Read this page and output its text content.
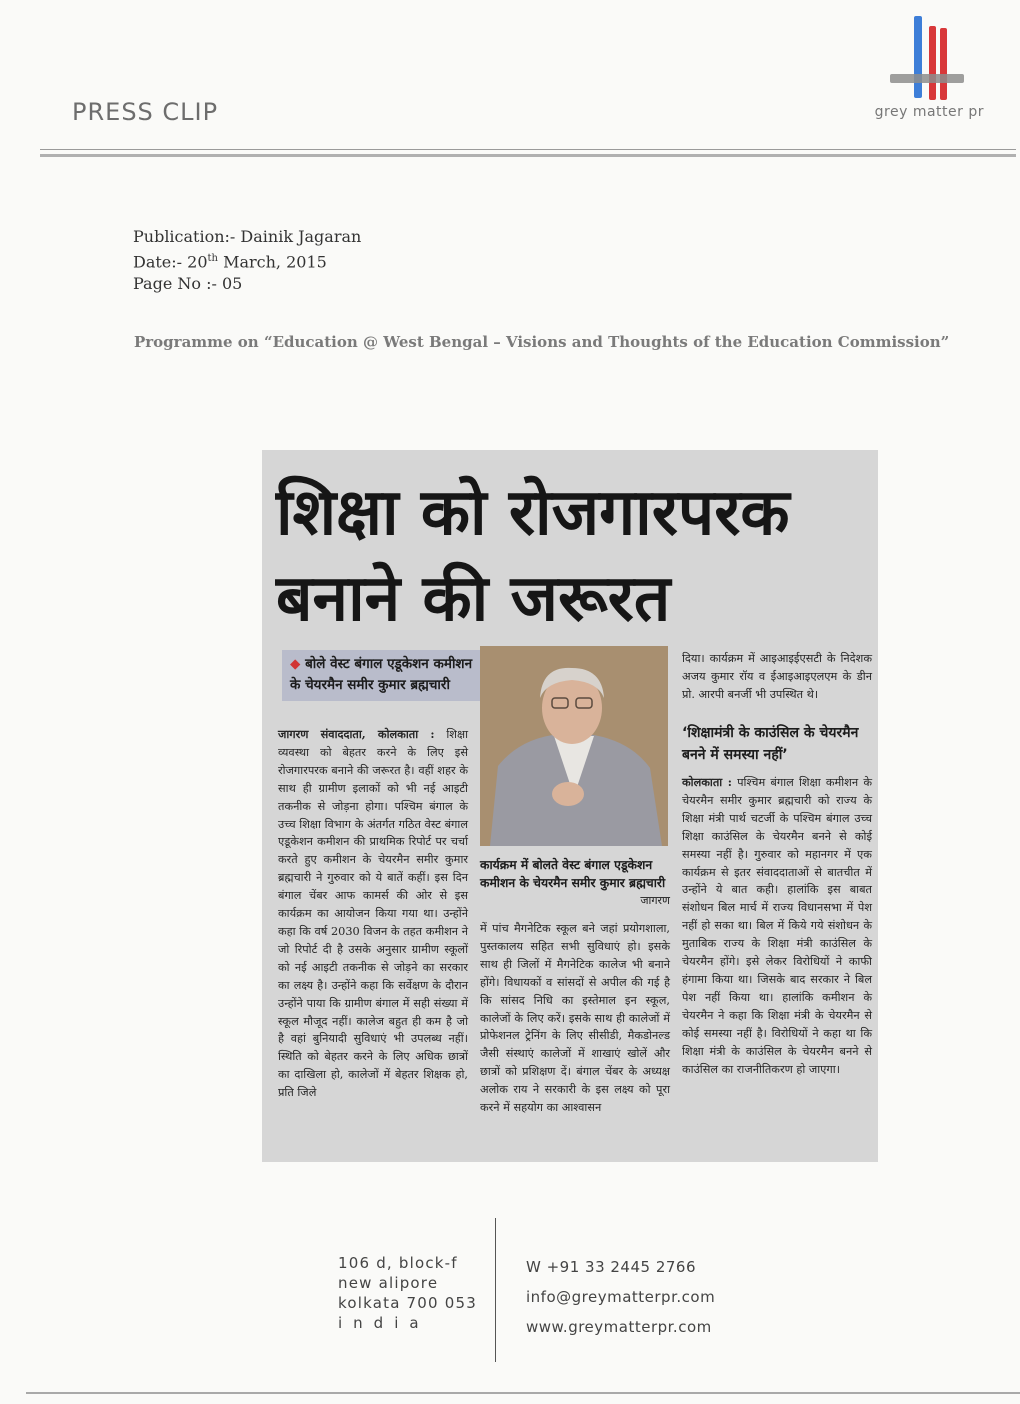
PRESS CLIP	grey matter pr
Publication:- Dainik Jagaran
Date:- 20th March, 2015
Page No :- 05
Programme on “Education @ West Bengal – Visions and Thoughts of the Education Commission”
शिक्षा को रोजगारपरक
बनाने की जरूरत
◆ बोले वेस्ट बंगाल एडूकेशन कमीशन के चेयरमैन समीर कुमार ब्रह्मचारी
जागरण संवाददाता, कोलकाता : शिक्षा व्यवस्था को बेहतर करने के लिए इसे रोजगारपरक बनाने की जरूरत है। वहीं शहर के साथ ही ग्रामीण इलाकों को भी नई आइटी तकनीक से जोड़ना होगा। पश्चिम बंगाल के उच्च शिक्षा विभाग के अंतर्गत गठित वेस्ट बंगाल एडूकेशन कमीशन की प्राथमिक रिपोर्ट पर चर्चा करते हुए कमीशन के चेयरमैन समीर कुमार ब्रह्मचारी ने गुरुवार को ये बातें कहीं। इस दिन बंगाल चेंबर आफ कामर्स की ओर से इस कार्यक्रम का आयोजन किया गया था। उन्होंने कहा कि वर्ष 2030 विजन के तहत कमीशन ने जो रिपोर्ट दी है उसके अनुसार ग्रामीण स्कूलों को नई आइटी तकनीक से जोड़ने का सरकार का लक्ष्य है। उन्होंने कहा कि सर्वेक्षण के दौरान उन्होंने पाया कि ग्रामीण बंगाल में सही संख्या में स्कूल मौजूद नहीं। कालेज बहुत ही कम है जो है वहां बुनियादी सुविधाएं भी उपलब्ध नहीं। स्थिति को बेहतर करने के लिए अधिक छात्रों का दाखिला हो, कालेजों में बेहतर शिक्षक हो, प्रति जिले
कार्यक्रम में बोलते वेस्ट बंगाल एडूकेशन कमीशन के चेयरमैन समीर कुमार ब्रह्मचारी
जागरण
में पांच मैगनेटिक स्कूल बने जहां प्रयोगशाला, पुस्तकालय सहित सभी सुविधाएं हो। इसके साथ ही जिलों में मैगनेटिक कालेज भी बनाने होंगे। विधायकों व सांसदों से अपील की गई है कि सांसद निधि का इस्तेमाल इन स्कूल, कालेजों के लिए करें। इसके साथ ही कालेजों में प्रोफेशनल ट्रेनिंग के लिए सीसीडी, मैकडोनल्ड जैसी संस्थाएं कालेजों में शाखाएं खोलें और छात्रों को प्रशिक्षण दें। बंगाल चेंबर के अध्यक्ष अलोक राय ने सरकारी के इस लक्ष्य को पूरा करने में सहयोग का आश्वासन
दिया। कार्यक्रम में आइआइईएसटी के निदेशक अजय कुमार रॉय व ईआइआइएलएम के डीन प्रो. आरपी बनर्जी भी उपस्थित थे।
‘शिक्षामंत्री के काउंसिल के चेयरमैन बनने में समस्या नहीं’
कोलकाता : पश्चिम बंगाल शिक्षा कमीशन के चेयरमैन समीर कुमार ब्रह्मचारी को राज्य के शिक्षा मंत्री पार्थ चटर्जी के पश्चिम बंगाल उच्च शिक्षा काउंसिल के चेयरमैन बनने से कोई समस्या नहीं है। गुरुवार को महानगर में एक कार्यक्रम से इतर संवाददाताओं से बातचीत में उन्होंने ये बात कही। हालांकि इस बाबत संशोधन बिल मार्च में राज्य विधानसभा में पेश नहीं हो सका था। बिल में किये गये संशोधन के मुताबिक राज्य के शिक्षा मंत्री काउंसिल के चेयरमैन होंगे। इसे लेकर विरोधियों ने काफी हंगामा किया था। जिसके बाद सरकार ने बिल पेश नहीं किया था। हालांकि कमीशन के चेयरमैन ने कहा कि शिक्षा मंत्री के चेयरमैन से कोई समस्या नहीं है। विरोधियों ने कहा था कि शिक्षा मंत्री के काउंसिल के चेयरमैन बनने से काउंसिल का राजनीतिकरण हो जाएगा।
106 d, block-f
new alipore
kolkata 700 053
india
W +91 33 2445 2766
info@greymatterpr.com
www.greymatterpr.com
